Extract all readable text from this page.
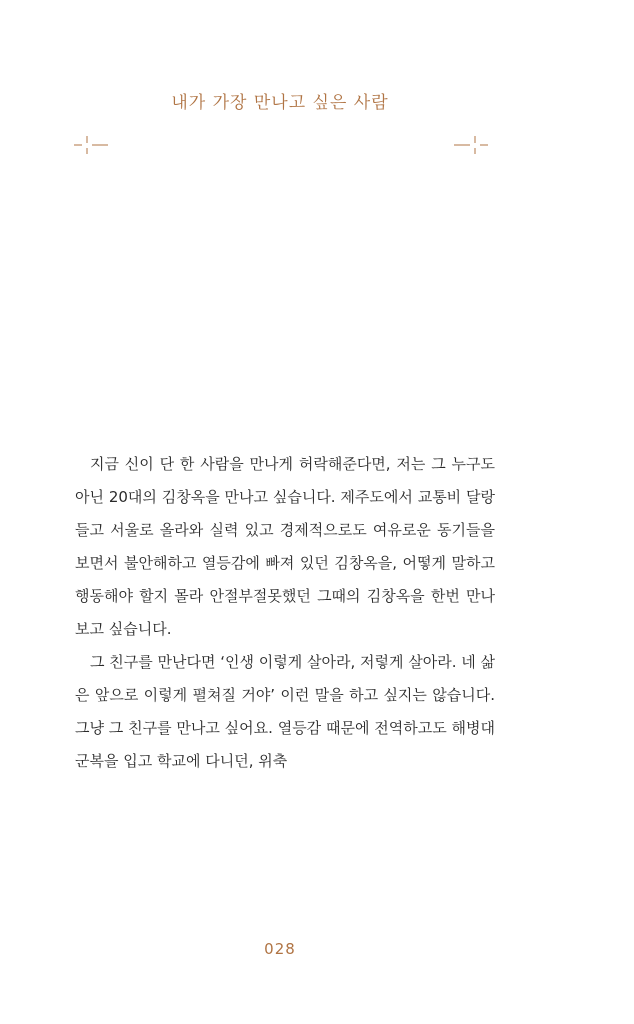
내가 가장 만나고 싶은 사람

지금 신이 단 한 사람을 만나게 허락해준다면, 저는 그 누구도 아닌 20대의 김창옥을 만나고 싶습니다. 제주도에서 교통비 달랑 들고 서울로 올라와 실력 있고 경제적으로도 여유로운 동기들을 보면서 불안해하고 열등감에 빠져 있던 김창옥을, 어떻게 말하고 행동해야 할지 몰라 안절부절못했던 그때의 김창옥을 한번 만나보고 싶습니다.

그 친구를 만난다면 ‘인생 이렇게 살아라, 저렇게 살아라. 네 삶은 앞으로 이렇게 펼쳐질 거야’ 이런 말을 하고 싶지는 않습니다. 그냥 그 친구를 만나고 싶어요. 열등감 때문에 전역하고도 해병대 군복을 입고 학교에 다니던, 위축

028
